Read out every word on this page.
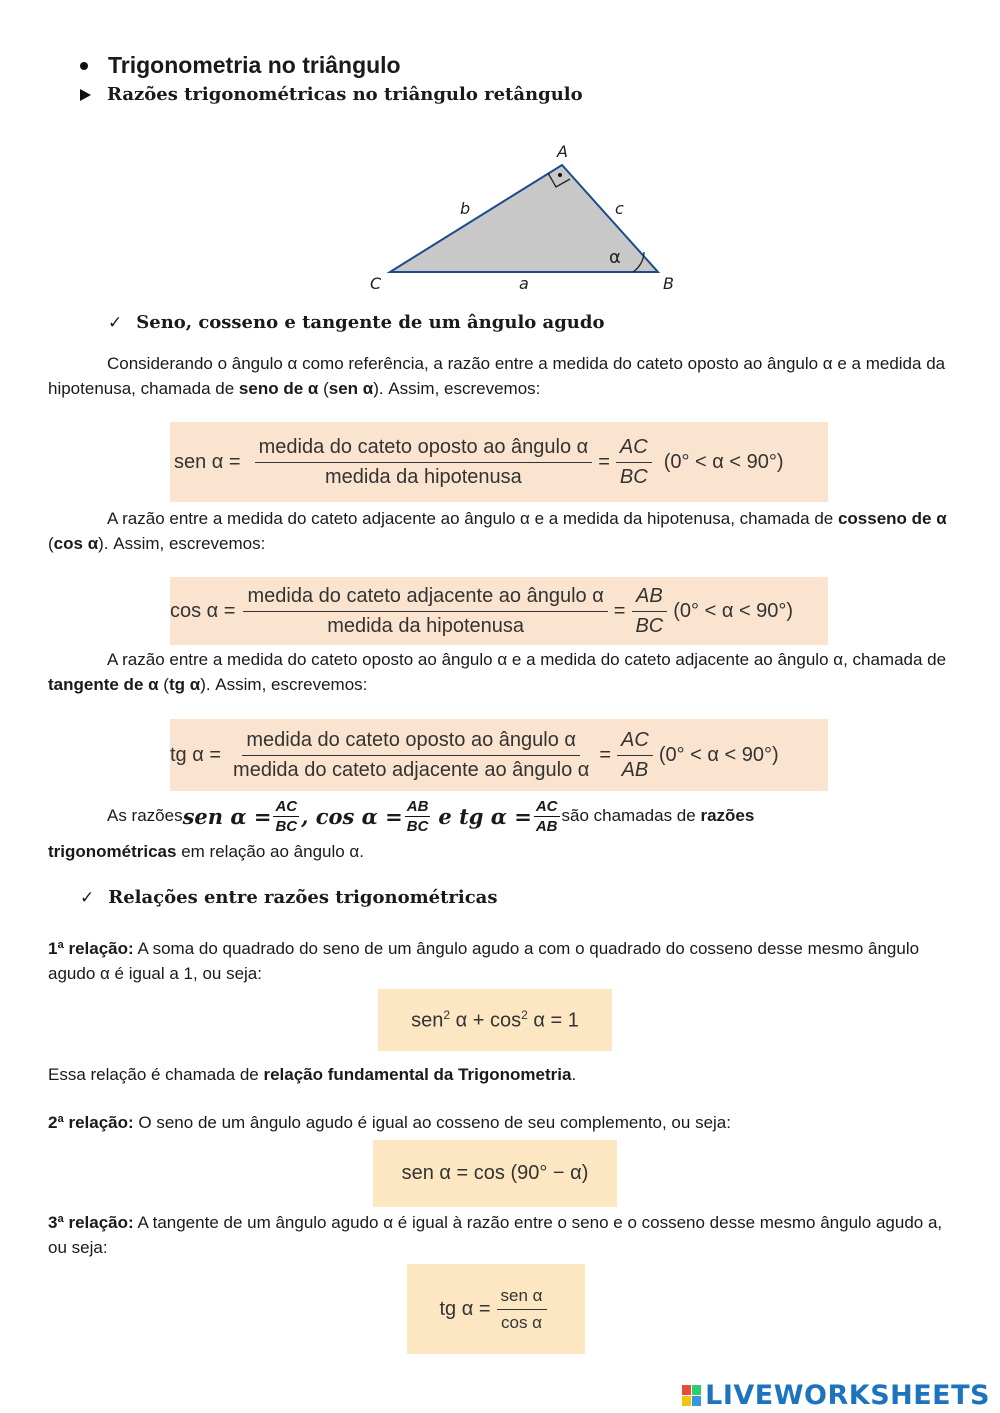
Trigonometria no triângulo
Razões trigonométricas no triângulo retângulo
A
B
C	a
b	c
α
✓ Seno, cosseno e tangente de um ângulo agudo
Considerando o ângulo α como referência, a razão entre a medida do cateto oposto ao ângulo α e a medida da hipotenusa, chamada de seno de α (sen α). Assim, escrevemos:
sen $\alpha = \frac{\text{medida do cateto oposto ao ângulo α}}{\text{medida da hipotenusa}} = \frac{AC}{BC} (0^\circ < \alpha < 90^\circ)$
A razão entre a medida do cateto adjacente ao ângulo α e a medida da hipotenusa, chamada de cosseno de α (cos α). Assim, escrevemos:
$\cos \alpha = \frac{\text{medida do cateto adjacente ao ângulo α}}{\text{medida da hipotenusa}} = \frac{AB}{BC} (0^\circ < \alpha < 90^\circ)$
A razão entre a medida do cateto oposto ao ângulo α e a medida do cateto adjacente ao ângulo α, chamada de tangente de α (tg α). Assim, escrevemos:
tg $\alpha = \frac{\text{medida do cateto oposto ao ângulo α}}{\text{medida do cateto adjacente ao ângulo α}} = \frac{AC}{AB} (0^\circ < \alpha < 90^\circ)$
As razões sen $\alpha = \frac{AC}{BC}$ , $\cos \alpha = \frac{AB}{BC}$ e tg $\alpha = \frac{AC}{AB}$ são chamadas de
razões
trigonométricas em relação ao ângulo α.
✓ Relações entre razões trigonométricas
1ª relação: A soma do quadrado do seno de um ângulo agudo a com o quadrado do cosseno desse mesmo ângulo agudo α é igual a 1, ou seja:
sen$^2$ $\alpha + \cos^2 \alpha = 1$
Essa relação é chamada de relação fundamental da Trigonometria.
2ª relação: O seno de um ângulo agudo é igual ao cosseno de seu complemento, ou seja:
sen α = cos (90° − α)
3ª relação: A tangente de um ângulo agudo α é igual à razão entre o seno e o cosseno desse mesmo ângulo agudo a, ou seja:
tg $\alpha = \frac{\text{sen α}}{\text{cos α}}$
LIVEWORKSHEETS
